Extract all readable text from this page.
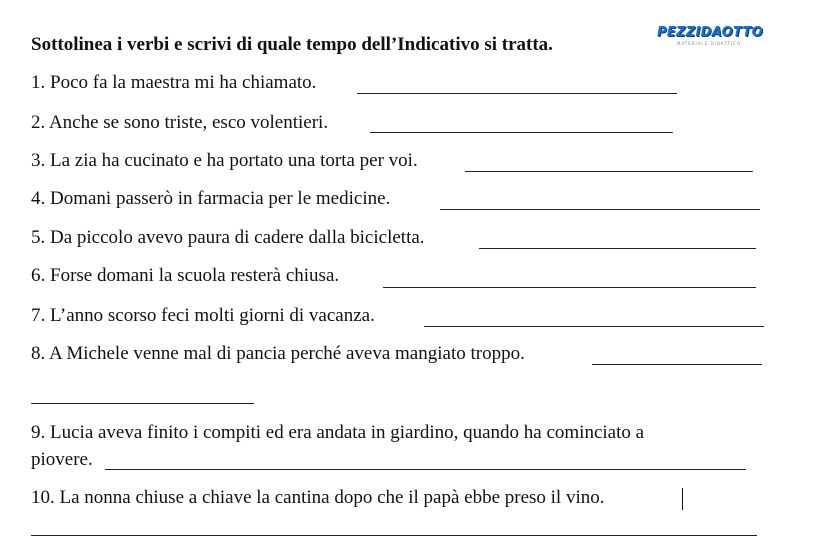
Sottolinea i verbi e scrivi di quale tempo dell’Indicativo si tratta.
PEZZIDAOTTO
MATERIALE DIDATTICO
1. Poco fa la maestra mi ha chiamato.
2. Anche se sono triste, esco volentieri.
3. La zia ha cucinato e ha portato una torta per voi.
4. Domani passerò in farmacia per le medicine.
5. Da piccolo avevo paura di cadere dalla bicicletta.
6. Forse domani la scuola resterà chiusa.
7. L’anno scorso feci molti giorni di vacanza.
8. A Michele venne mal di pancia perché aveva mangiato troppo.
9. Lucia aveva finito i compiti ed era andata in giardino, quando ha cominciato a
piovere.
10. La nonna chiuse a chiave la cantina dopo che il papà ebbe preso il vino.
